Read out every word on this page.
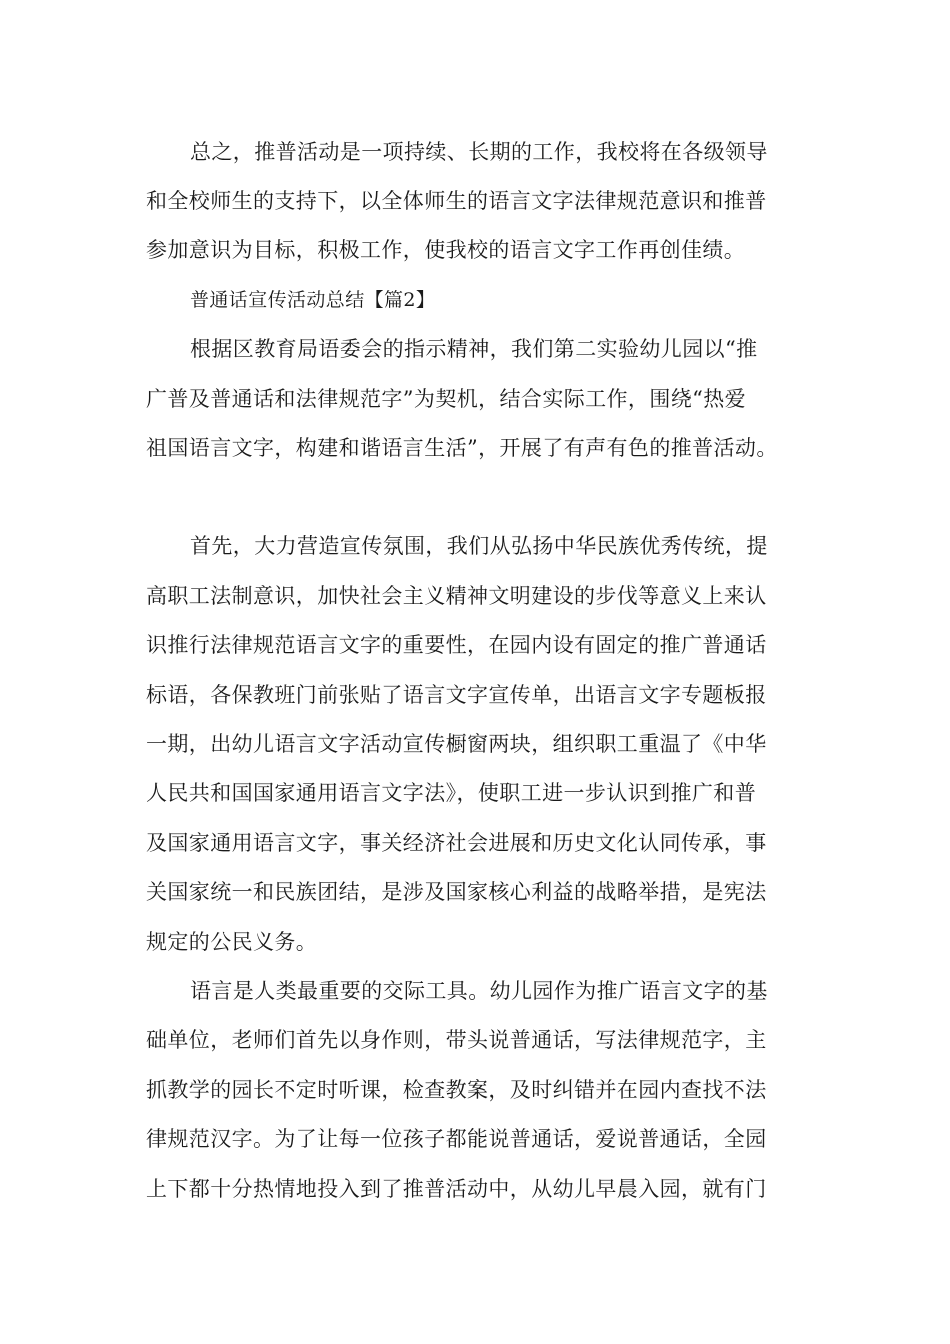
总之，推普活动是一项持续、长期的工作，我校将在各级领导
和全校师生的支持下，以全体师生的语言文字法律规范意识和推普
参加意识为目标，积极工作，使我校的语言文字工作再创佳绩。
普通话宣传活动总结【篇2】
根据区教育局语委会的指示精神，我们第二实验幼儿园以“推
广普及普通话和法律规范字”为契机，结合实际工作，围绕“热爱
祖国语言文字，构建和谐语言生活”，开展了有声有色的推普活动。
首先，大力营造宣传氛围，我们从弘扬中华民族优秀传统，提
高职工法制意识，加快社会主义精神文明建设的步伐等意义上来认
识推行法律规范语言文字的重要性，在园内设有固定的推广普通话
标语，各保教班门前张贴了语言文字宣传单，出语言文字专题板报
一期，出幼儿语言文字活动宣传橱窗两块，组织职工重温了《中华
人民共和国国家通用语言文字法》，使职工进一步认识到推广和普
及国家通用语言文字，事关经济社会进展和历史文化认同传承，事
关国家统一和民族团结，是涉及国家核心利益的战略举措，是宪法
规定的公民义务。
语言是人类最重要的交际工具。幼儿园作为推广语言文字的基
础单位，老师们首先以身作则，带头说普通话，写法律规范字，主
抓教学的园长不定时听课，检查教案，及时纠错并在园内查找不法
律规范汉字。为了让每一位孩子都能说普通话，爱说普通话，全园
上下都十分热情地投入到了推普活动中，从幼儿早晨入园，就有门
